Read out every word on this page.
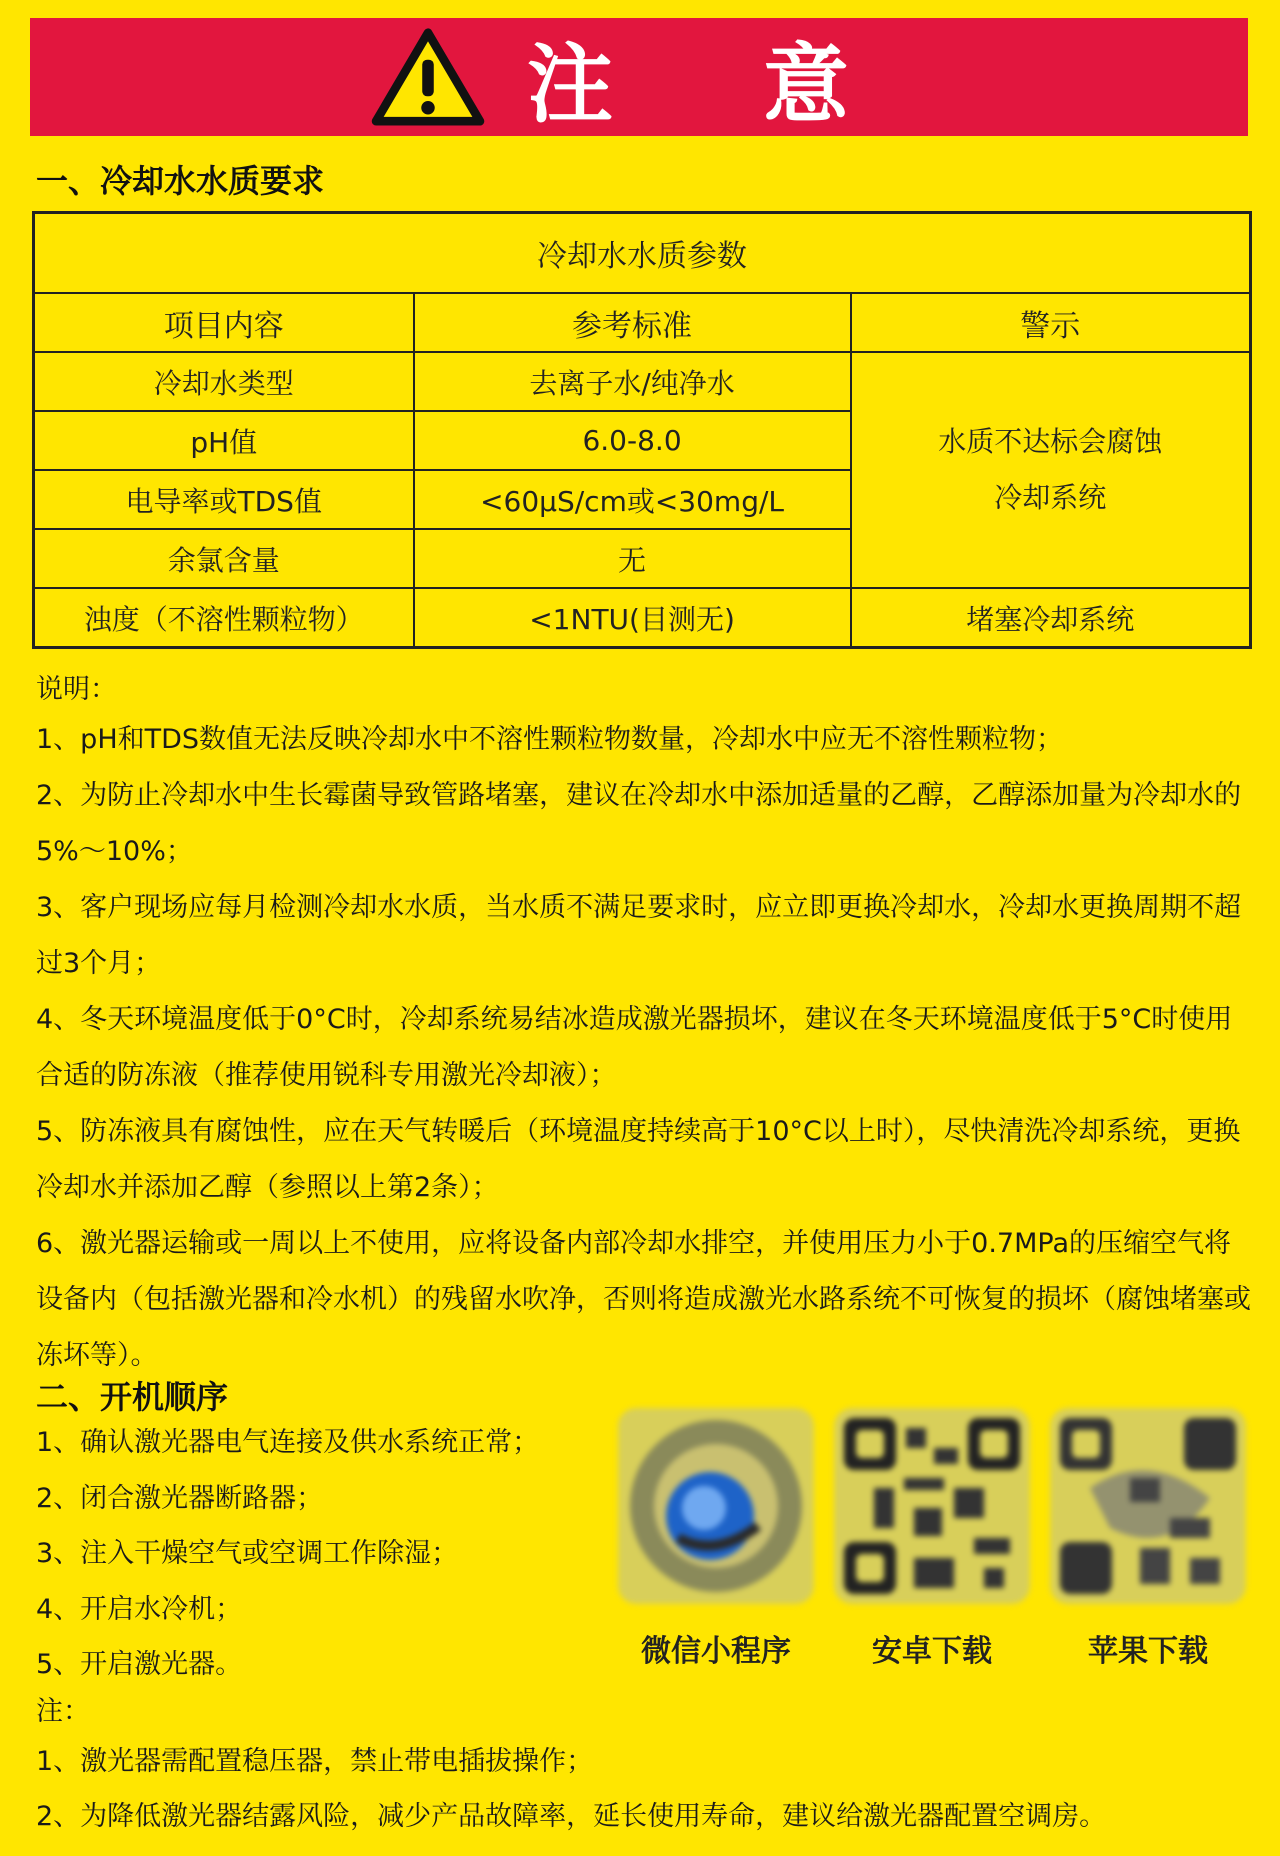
注 意
一、冷却水水质要求
冷却水水质参数		
项目内容	参考标准	警示
冷却水类型	去离子水/纯净水	水质不达标会腐蚀
冷却系统
pH值	6.0-8.0	
电导率或TDS值	<60μS/cm或<30mg/L	
余氯含量	无	
浊度（不溶性颗粒物）	<1NTU(目测无)	堵塞冷却系统

说明：

1、pH和TDS数值无法反映冷却水中不溶性颗粒物数量，冷却水中应无不溶性颗粒物；

2、为防止冷却水中生长霉菌导致管路堵塞，建议在冷却水中添加适量的乙醇，乙醇添加量为冷却水的5%～10%；

3、客户现场应每月检测冷却水水质，当水质不满足要求时，应立即更换冷却水，冷却水更换周期不超过3个月；

4、冬天环境温度低于0°C时，冷却系统易结冰造成激光器损坏，建议在冬天环境温度低于5°C时使用合适的防冻液（推荐使用锐科专用激光冷却液）；

5、防冻液具有腐蚀性，应在天气转暖后（环境温度持续高于10°C以上时），尽快清洗冷却系统，更换冷却水并添加乙醇（参照以上第2条）；

6、激光器运输或一周以上不使用，应将设备内部冷却水排空，并使用压力小于0.7MPa的压缩空气将设备内（包括激光器和冷水机）的残留水吹净，否则将造成激光水路系统不可恢复的损坏（腐蚀堵塞或冻坏等）。

二、开机顺序

1、确认激光器电气连接及供水系统正常；

2、闭合激光器断路器；

3、注入干燥空气或空调工作除湿；

4、开启水冷机；

5、开启激光器。	微信小程序	安卓下载	苹果下载

注：

1、激光器需配置稳压器，禁止带电插拔操作；

2、为降低激光器结露风险，减少产品故障率，延长使用寿命，建议给激光器配置空调房。
